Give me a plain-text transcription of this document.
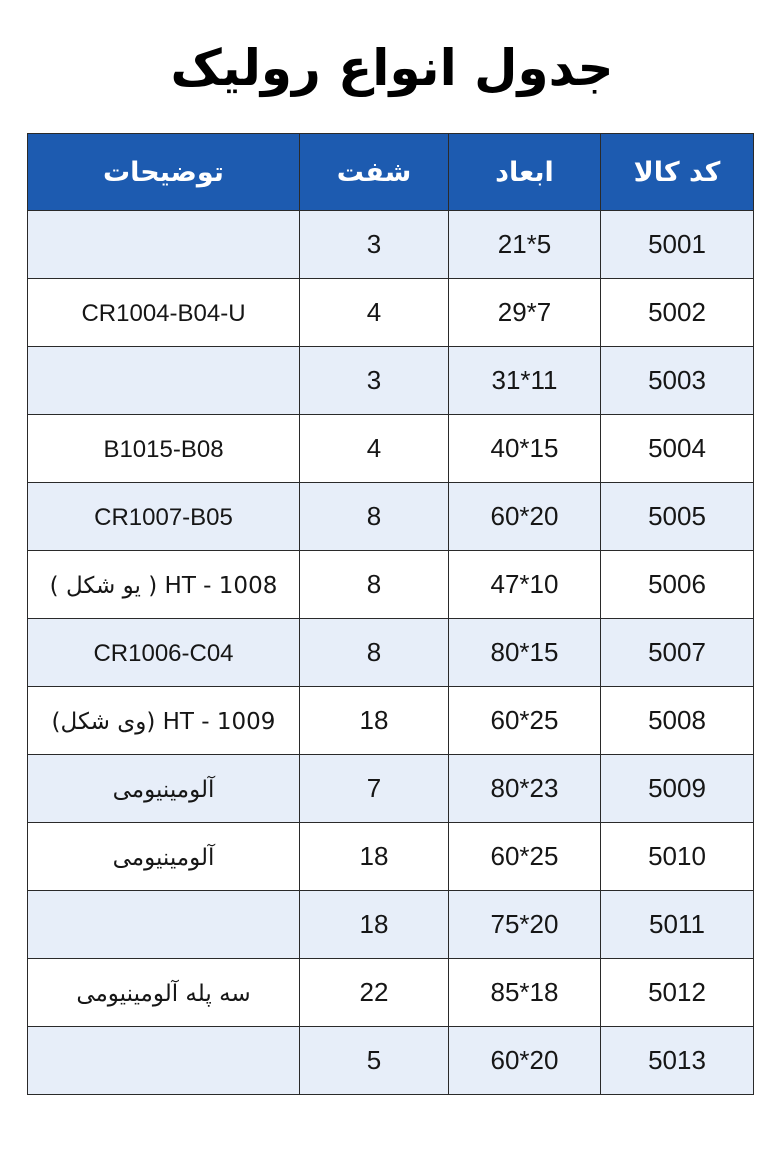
جدول انواع رولیک
کد کالا	ابعاد	شفت	توضیحات
5001	21*5	3	
5002	29*7	4	CR1004-B04-U
5003	31*11	3	
5004	40*15	4	B1015-B08
5005	60*20	8	CR1007-B05
5006	47*10	8	HT - 1008 ( یو شکل )
5007	80*15	8	CR1006-C04
5008	60*25	18	HT - 1009 (وی شکل)
5009	80*23	7	آلومینیومی
5010	60*25	18	آلومینیومی
5011	75*20	18	
5012	85*18	22	سه پله آلومینیومی
5013	60*20	5	
